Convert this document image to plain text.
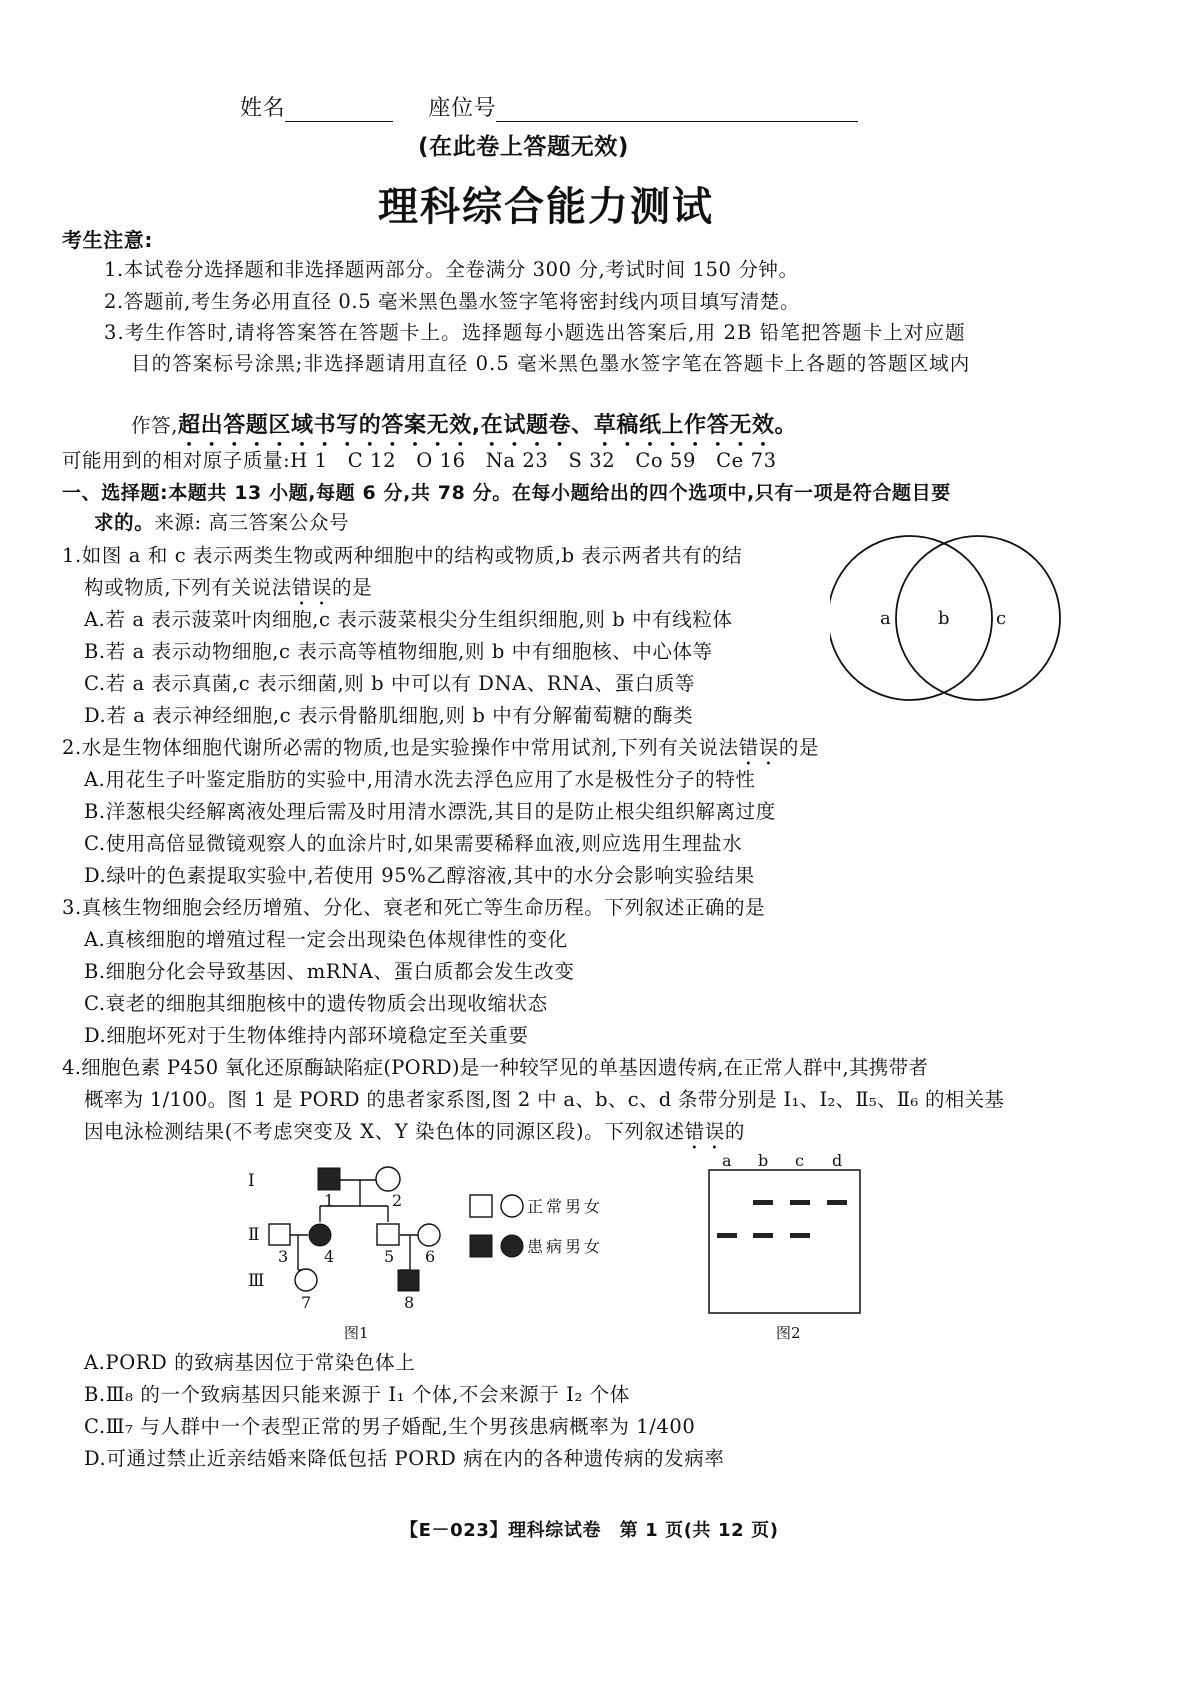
姓名	座位号
(在此卷上答题无效)
理科综合能力测试
考生注意:
1.本试卷分选择题和非选择题两部分。全卷满分 300 分,考试时间 150 分钟。
2.答题前,考生务必用直径 0.5 毫米黑色墨水签字笔将密封线内项目填写清楚。
3.考生作答时,请将答案答在答题卡上。选择题每小题选出答案后,用 2B 铅笔把答题卡上对应题
目的答案标号涂黑;非选择题请用直径 0.5 毫米黑色墨水签字笔在答题卡上各题的答题区域内
作答,超出答题区域书写的答案无效,在试题卷、草稿纸上作答无效。
可能用到的相对原子质量:H 1　C 12　O 16　Na 23　S 32　Co 59　Ce 73
一、选择题:本题共 13 小题,每题 6 分,共 78 分。在每小题给出的四个选项中,只有一项是符合题目要
求的。来源: 高三答案公众号
1.如图 a 和 c 表示两类生物或两种细胞中的结构或物质,b 表示两者共有的结
构或物质,下列有关说法错误的是
A.若 a 表示菠菜叶肉细胞,c 表示菠菜根尖分生组织细胞,则 b 中有线粒体
B.若 a 表示动物细胞,c 表示高等植物细胞,则 b 中有细胞核、中心体等
C.若 a 表示真菌,c 表示细菌,则 b 中可以有 DNA、RNA、蛋白质等
D.若 a 表示神经细胞,c 表示骨骼肌细胞,则 b 中有分解葡萄糖的酶类
a	b	c
2.水是生物体细胞代谢所必需的物质,也是实验操作中常用试剂,下列有关说法错误的是
A.用花生子叶鉴定脂肪的实验中,用清水洗去浮色应用了水是极性分子的特性
B.洋葱根尖经解离液处理后需及时用清水漂洗,其目的是防止根尖组织解离过度
C.使用高倍显微镜观察人的血涂片时,如果需要稀释血液,则应选用生理盐水
D.绿叶的色素提取实验中,若使用 95%乙醇溶液,其中的水分会影响实验结果
3.真核生物细胞会经历增殖、分化、衰老和死亡等生命历程。下列叙述正确的是
A.真核细胞的增殖过程一定会出现染色体规律性的变化
B.细胞分化会导致基因、mRNA、蛋白质都会发生改变
C.衰老的细胞其细胞核中的遗传物质会出现收缩状态
D.细胞坏死对于生物体维持内部环境稳定至关重要
4.细胞色素 P450 氧化还原酶缺陷症(PORD)是一种较罕见的单基因遗传病,在正常人群中,其携带者
概率为 1/100。图 1 是 PORD 的患者家系图,图 2 中 a、b、c、d 条带分别是 Ⅰ₁、Ⅰ₂、Ⅱ₅、Ⅱ₆ 的相关基
因电泳检测结果(不考虑突变及 X、Y 染色体的同源区段)。下列叙述错误的
Ⅰ
Ⅱ
Ⅲ
1	2
3 4	5 6
7	8
正常男女
患病男女
图1
a b c d
图2
A.PORD 的致病基因位于常染色体上
B.Ⅲ₈ 的一个致病基因只能来源于 Ⅰ₁ 个体,不会来源于 Ⅰ₂ 个体
C.Ⅲ₇ 与人群中一个表型正常的男子婚配,生个男孩患病概率为 1/400
D.可通过禁止近亲结婚来降低包括 PORD 病在内的各种遗传病的发病率
【E－023】理科综试卷　第 1 页(共 12 页)
